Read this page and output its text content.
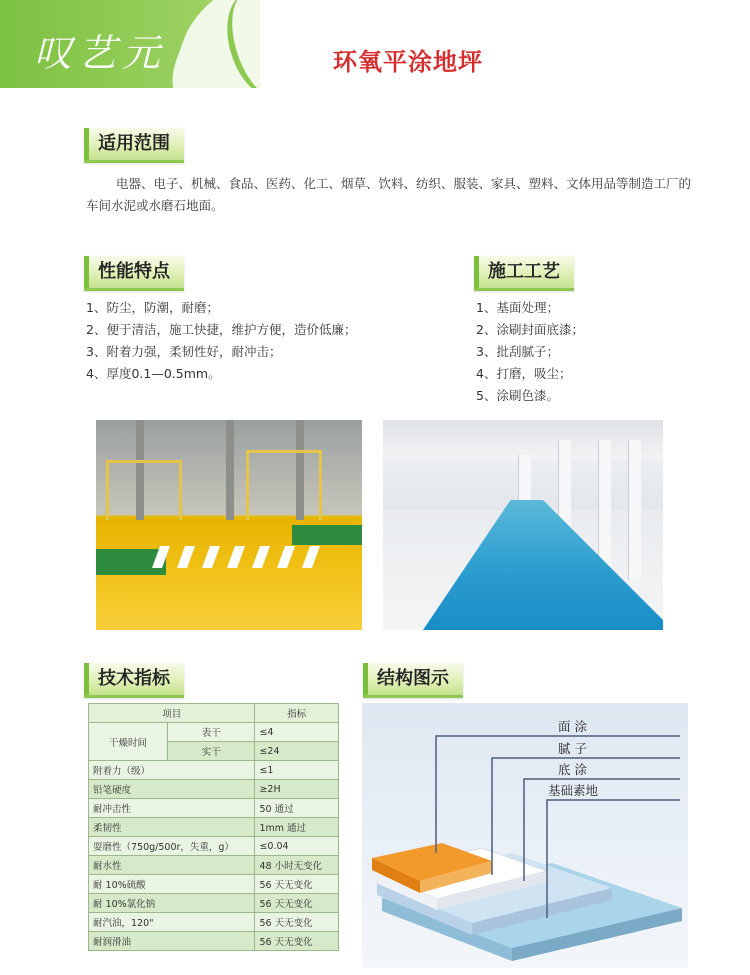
叹艺元	环氧平涂地坪
适用范围
电器、电子、机械、食品、医药、化工、烟草、饮料、纺织、服装、家具、塑料、文体用品等制造工厂的车间水泥或水磨石地面。
性能特点
1、防尘，防潮，耐磨；
2、便于清洁，施工快捷，维护方便，造价低廉；
3、附着力强，柔韧性好，耐冲击；
4、厚度0.1—0.5mm。
施工工艺
1、基面处理；
2、涂刷封面底漆；
3、批刮腻子；
4、打磨，吸尘；
5、涂刷色漆。
技术指标
项目		指标
干燥时间	表干	≤4
	实干	≤24
附着力（级）		≤1
铅笔硬度		≥2H
耐冲击性		50 通过
柔韧性		1mm 通过
耍磨性（750g/500r，失重，g）		≤0.04
耐水性		48 小时无变化
耐 10%硫酸		56 天无变化
耐 10%氯化钠		56 天无变化
耐汽油，120"		56 天无变化
耐润滑油		56 天无变化
结构图示
面 涂
腻 子
底 涂
基础素地
